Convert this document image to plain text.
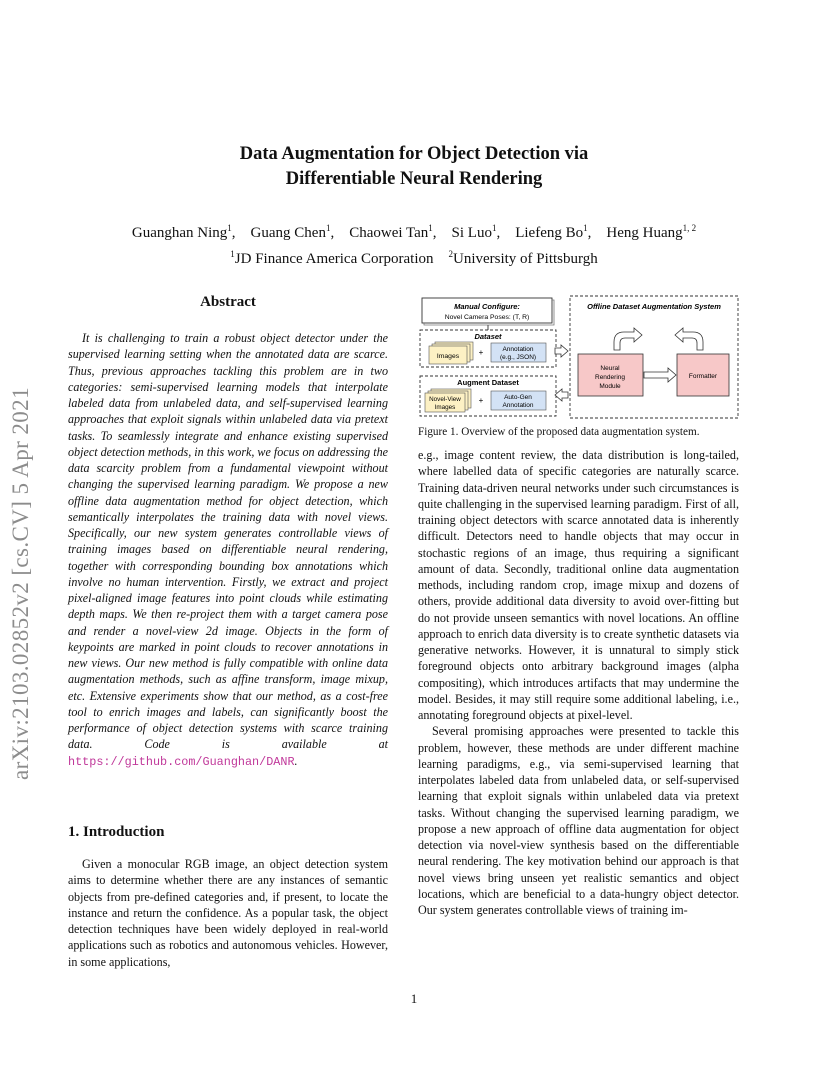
Data Augmentation for Object Detection via
Differentiable Neural Rendering
Guanghan Ning$^1$,    Guang Chen$^1$,    Chaowei Tan$^1$,    Si Luo$^1$,    Liefeng Bo$^1$,    Heng Huang$^{1, 2}$
$^1$JD Finance America Corporation $^2$University of Pittsburgh
arXiv:2103.02852v2 [cs.CV] 5 Apr 2021
Abstract

It is challenging to train a robust object detector under the supervised learning setting when the annotated data are scarce. Thus, previous approaches tackling this problem are in two categories: semi-supervised learning models that interpolate labeled data from unlabeled data, and self-supervised learning approaches that exploit signals within unlabeled data via pretext tasks. To seamlessly integrate and enhance existing supervised object detection methods, in this work, we focus on addressing the data scarcity problem from a fundamental viewpoint without changing the supervised learning paradigm. We propose a new offline data augmentation method for object detection, which semantically interpolates the training data with novel views. Specifically, our new system generates controllable views of training images based on differentiable neural rendering, together with corresponding bounding box annotations which involve no human intervention. Firstly, we extract and project pixel-aligned image features into point clouds while estimating depth maps. We then re-project them with a target camera pose and render a novel-view 2d image. Objects in the form of keypoints are marked in point clouds to recover annotations in new views. Our new method is fully compatible with online data augmentation methods, such as affine transform, image mixup, etc. Extensive experiments show that our method, as a cost-free tool to enrich images and labels, can significantly boost the performance of object detection systems with scarce training data. Code is available at https://github.com/Guanghan/DANR.

1. Introduction

Given a monocular RGB image, an object detection system aims to determine whether there are any instances of semantic objects from pre-defined categories and, if present, to locate the instance and return the confidence. As a popular task, the object detection techniques have been widely deployed in real-world applications such as robotics and autonomous vehicles. However, in some applications,

Manual Configure:
Novel Camera Poses: (T, R)
Dataset
Images +	Annotation
(e.g., JSON)
Augment Dataset
Novel-View
Images
+	Auto-Gen
Annotation
Offline Dataset Augmentation System
Neural
Rendering
Module
Formatter
Figure 1. Overview of the proposed data augmentation system.

e.g., image content review, the data distribution is long-tailed, where labelled data of specific categories are naturally scarce. Training data-driven neural networks under such circumstances is quite challenging in the supervised learning paradigm. First of all, training object detectors with scarce annotated data is inherently difficult. Detectors need to handle objects that may occur in stochastic regions of an image, thus requiring a significant amount of data. Secondly, traditional online data augmentation methods, including random crop, image mixup and dozens of others, provide additional data diversity to avoid over-fitting but do not provide unseen semantics with novel locations. An offline approach to enrich data diversity is to create synthetic datasets via generative networks. However, it is unnatural to simply stick foreground objects onto arbitrary background images (alpha compositing), which introduces artifacts that may undermine the model. Besides, it may still require some additional labeling, i.e., annotating foreground objects at pixel-level.

Several promising approaches were presented to tackle this problem, however, these methods are under different machine learning paradigms, e.g., via semi-supervised learning that interpolates labeled data from unlabeled data, or self-supervised learning that exploit signals within unlabeled data via pretext tasks. Without changing the supervised learning paradigm, we propose a new approach of offline data augmentation for object detection via novel-view synthesis based on the differentiable neural rendering. The key motivation behind our approach is that novel views bring unseen yet realistic semantics and object locations, which are beneficial to a data-hungry object detector. Our system generates controllable views of training im-

1
